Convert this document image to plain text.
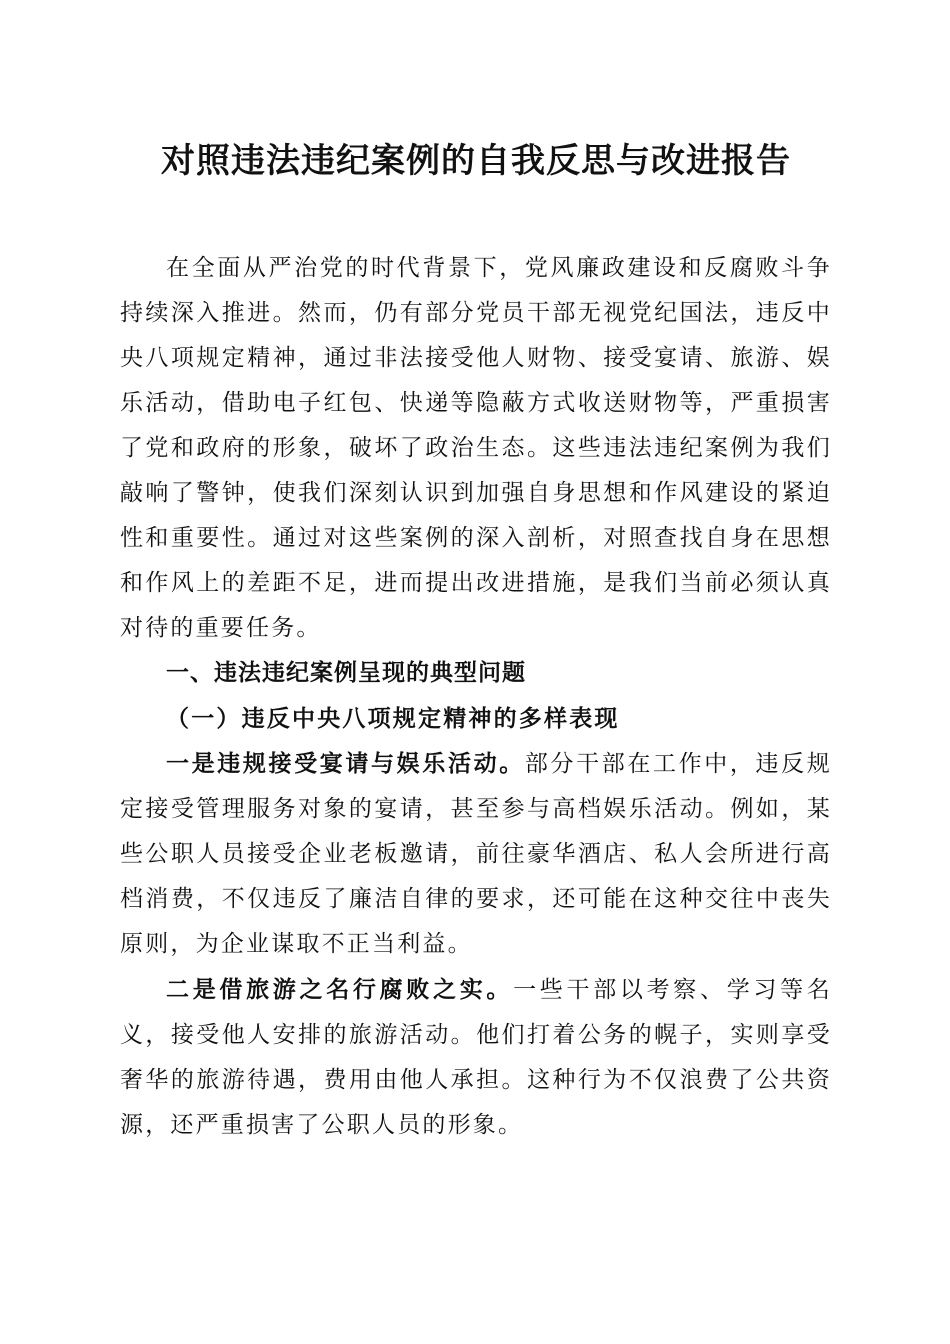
对照违法违纪案例的自我反思与改进报告

在全面从严治党的时代背景下，党风廉政建设和反腐败斗争持续深入推进。然而，仍有部分党员干部无视党纪国法，违反中央八项规定精神，通过非法接受他人财物、接受宴请、旅游、娱乐活动，借助电子红包、快递等隐蔽方式收送财物等，严重损害了党和政府的形象，破坏了政治生态。这些违法违纪案例为我们敲响了警钟，使我们深刻认识到加强自身思想和作风建设的紧迫性和重要性。通过对这些案例的深入剖析，对照查找自身在思想和作风上的差距不足，进而提出改进措施，是我们当前必须认真对待的重要任务。

一、违法违纪案例呈现的典型问题

（一）违反中央八项规定精神的多样表现

一是违规接受宴请与娱乐活动。部分干部在工作中，违反规定接受管理服务对象的宴请，甚至参与高档娱乐活动。例如，某些公职人员接受企业老板邀请，前往豪华酒店、私人会所进行高档消费，不仅违反了廉洁自律的要求，还可能在这种交往中丧失原则，为企业谋取不正当利益。

二是借旅游之名行腐败之实。一些干部以考察、学习等名义，接受他人安排的旅游活动。他们打着公务的幌子，实则享受奢华的旅游待遇，费用由他人承担。这种行为不仅浪费了公共资源，还严重损害了公职人员的形象。
